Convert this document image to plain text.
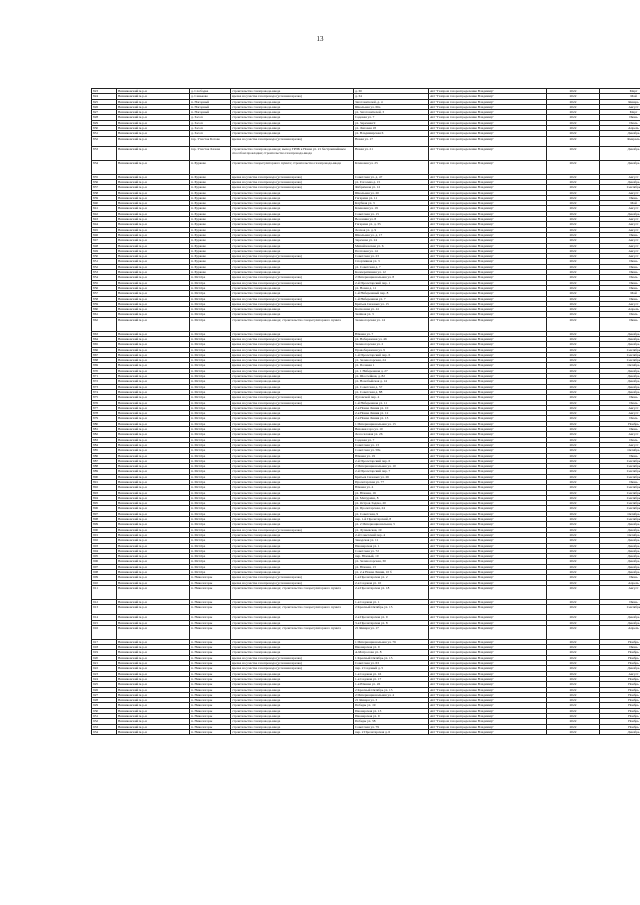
13
823	Вязниковский м.р-н	д. Слободка	строительство газопровода-ввода	д. 30	АО "Газпром газораспределение Владимир"	2022	Март
824	Вязниковский м.р-н	д. Сеньково	врезка на участке газопровода (условная врезка)	д. 34	АО "Газпром газораспределение Владимир"	2022	Май
825	Вязниковский м.р-н	п. Нагорный	строительство газопровода-ввода	Заготовителей, д. 4	АО "Газпром газораспределение Владимир"	2022	Январь
826	Вязниковский м.р-н	п. Нагорный	строительство газопровода-ввода	Школьная ул. 66а	АО "Газпром газораспределение Владимир"	2022	Август
827	Вязниковский м.р-н	п. Нагорный	строительство газопровода-ввода	ул. Заготовителей, 3	АО "Газпром газораспределение Владимир"	2022	Март
828	Вязниковский м.р-н	д. Засоп	строительство газопровода-ввода	Садовая ул. 7	АО "Газпром газораспределение Владимир"	2022	Июнь
829	Вязниковский м.р-н	д. Засоп	строительство газопровода-ввода	ул. Заречная 9	АО "Газпром газораспределение Владимир"	2022	Июль
830	Вязниковский м.р-н	д. Засоп	строительство газопровода-ввода	ул. Лиговая 18	АО "Газпром газораспределение Владимир"	2022	Апрель
831	Вязниковский м.р-н	д. Засоп	строительство газопровода-ввода	ул. Владимирская 6	АО "Газпром газораспределение Владимир"	2022	Декабрь
832	Вязниковский м.р-н	тер. Участок Ботово	врезка на участке газопровода (условная врезка)	Новая ул. 17	АО "Газпром газораспределение Владимир"	2022	Февраль
833	Вязниковский м.р-н	тер. Участок Хазова	строительство газопровода-ввода; выход ГРПБ к Новая ул. 21 бестраншейным способом прокладки; строительство газопровода-ввода	Новая ул. 21	АО "Газпром газораспределение Владимир"	2022	Декабрь
834	Вязниковский м.р-н	п. Бурково	строительство газорегуляторного пункта; строительство газопровода-ввода	Кленовая ул. 25	АО "Газпром газораспределение Владимир"	2022	Декабрь
835	Вязниковский м.р-н	п. Бурково	врезка на участке газопровода (условная врезка)	Советская ул. д. 47	АО "Газпром газораспределение Владимир"	2022	Август
836	Вязниковский м.р-н	п. Бурково	врезка на участке газопровода (условная врезка)	ул. Гоголева д. 15	АО "Газпром газораспределение Владимир"	2022	Декабрь
837	Вязниковский м.р-н	п. Бурково	врезка на участке газопровода (условная врезка)	Фабричная ул. 12	АО "Газпром газораспределение Владимир"	2022	Сентябрь
838	Вязниковский м.р-н	п. Бурково	строительство газопровода-ввода	Школьная ул. 20	АО "Газпром газораспределение Владимир"	2022	Август
839	Вязниковский м.р-н	п. Бурково	строительство газопровода-ввода	Гагарина ул. 11	АО "Газпром газораспределение Владимир"	2022	Июнь
840	Вязниковский м.р-н	п. Бурково	строительство газопровода-ввода	Клубная ул. 3	АО "Газпром газораспределение Владимир"	2022	Май
841	Вязниковский м.р-н	п. Бурково	строительство газопровода-ввода	Кленовая ул. 19	АО "Газпром газораспределение Владимир"	2022	Август
842	Вязниковский м.р-н	п. Бурково	строительство газопровода-ввода	Советская ул. 15	АО "Газпром газораспределение Владимир"	2022	Декабрь
843	Вязниковский м.р-н	п. Бурково	строительство газопровода-ввода	Весенняя ул. 8	АО "Газпром газораспределение Владимир"	2022	Август
844	Вязниковский м.р-н	п. Бурково	строительство газопровода-ввода	Гагарина ул. д. 35	АО "Газпром газораспределение Владимир"	2022	Август
845	Вязниковский м.р-н	п. Бурково	строительство газопровода-ввода	Лесная ул. д. 9	АО "Газпром газораспределение Владимир"	2022	Август
846	Вязниковский м.р-н	п. Бурково	строительство газопровода-ввода	Школьная ул. д. 17	АО "Газпром газораспределение Владимир"	2022	Июнь
847	Вязниковский м.р-н	п. Бурково	строительство газопровода-ввода	Заречная ул. 24	АО "Газпром газораспределение Владимир"	2022	Август
848	Вязниковский м.р-н	п. Бурково	строительство газопровода-ввода	Михайловская ул. 6	АО "Газпром газораспределение Владимир"	2022	Август
849	Вязниковский м.р-н	п. Бурково	строительство газопровода-ввода	Почтовая ул. 14	АО "Газпром газораспределение Владимир"	2022	Август
850	Вязниковский м.р-н	п. Бурково	врезка на участке газопровода (условная врезка)	Советская ул. 23	АО "Газпром газораспределение Владимир"	2022	Август
851	Вязниковский м.р-н	п. Бурково	строительство газопровода-ввода	Спортивная ул. 3	АО "Газпром газораспределение Владимир"	2022	Июнь
852	Вязниковский м.р-н	п. Бурково	строительство газопровода-ввода	ул. Советская д. 7	АО "Газпром газораспределение Владимир"	2022	Июнь
853	Вязниковский м.р-н	п. Бурково	строительство газопровода-ввода	Кооперативная ул. 12	АО "Газпром газораспределение Владимир"	2022	Июнь
854	Вязниковский м.р-н	п. Мстёра	врезка на участке газопровода (условная врезка)	2 Интернациональная ул. 8	АО "Газпром газораспределение Владимир"	2022	Июль
855	Вязниковский м.р-н	п. Мстёра	врезка на участке газопровода (условная врезка)	2-й Пролетарский пер. 1	АО "Газпром газораспределение Владимир"	2022	Июнь
856	Вязниковский м.р-н	п. Мстёра	строительство газопровода-ввода	ул. Новая д. 11	АО "Газпром газораспределение Владимир"	2022	Июнь
857	Вязниковский м.р-н	п. Мстёра	строительство газопровода-ввода	1-й Набережный пер. 8	АО "Газпром газораспределение Владимир"	2022	Май
858	Вязниковский м.р-н	п. Мстёра	врезка на участке газопровода (условная врезка)	1-й Набережная ул. 7	АО "Газпром газораспределение Владимир"	2022	Июнь
859	Вязниковский м.р-н	п. Мстёра	врезка на участке газопровода (условная врезка)	Братьев Сизовых ул. 15	АО "Газпром газораспределение Владимир"	2022	Август
860	Вязниковский м.р-н	п. Мстёра	строительство газопровода-ввода	Колхозная ул. 41	АО "Газпром газораспределение Владимир"	2022	Апрель
861	Вязниковский м.р-н	п. Мстёра	строительство газопровода-ввода	Зелёная ул. 3	АО "Газпром газораспределение Владимир"	2022	Июль
862	Вязниковский м.р-н	п. Мстёра	строительство газопровода-ввода; строительство газорегуляторного пункта	Зеленогорская ул. 14	АО "Газпром газораспределение Владимир"	2022	Июнь
863	Вязниковский м.р-н	п. Мстёра	строительство газопровода-ввода	Южная ул. 7	АО "Газпром газораспределение Владимир"	2022	Декабрь
864	Вязниковский м.р-н	п. Мстёра	врезка на участке газопровода (условная врезка)	ул. Набережная ул. 46	АО "Газпром газораспределение Владимир"	2022	Декабрь
865	Вязниковский м.р-н	п. Мстёра	врезка на участке газопровода (условная врезка)	Зеленогорская ул. 2	АО "Газпром газораспределение Владимир"	2022	Декабрь
866	Вязниковский м.р-н	п. Мстёра	врезка на участке газопровода (условная врезка)	Правобережная ул. 9	АО "Газпром газораспределение Владимир"	2022	Сентябрь
867	Вязниковский м.р-н	п. Мстёра	врезка на участке газопровода (условная врезка)	1-й Пролетарский пер. 6	АО "Газпром газораспределение Владимир"	2022	Сентябрь
868	Вязниковский м.р-н	п. Мстёра	врезка на участке газопровода (условная врезка)	ул. Зеленогорская, 24	АО "Газпром газораспределение Владимир"	2022	Сентябрь
869	Вязниковский м.р-н	п. Мстёра	врезка на участке газопровода (условная врезка)	ул. Полевая 1	АО "Газпром газораспределение Владимир"	2022	Октябрь
870	Вязниковский м.р-н	п. Мстёра	врезка на участке газопровода (условная врезка)	ул. 1 Набережная д. 27	АО "Газпром газораспределение Владимир"	2022	Декабрь
871	Вязниковский м.р-н	п. Мстёра	строительство газопровода-ввода	ул. Шоссейная, д. 82	АО "Газпром газораспределение Владимир"	2022	Декабрь
872	Вязниковский м.р-н	п. Мстёра	строительство газопровода-ввода	ул. Новобыйская д. 14	АО "Газпром газораспределение Владимир"	2022	Декабрь
873	Вязниковский м.р-н	п. Мстёра	строительство газопровода-ввода	ул. Советская д. 57	АО "Газпром газораспределение Владимир"	2022	Декабрь
874	Вязниковский м.р-н	п. Мстёра	строительство газопровода-ввода	ул. Советская д. 88	АО "Газпром газораспределение Владимир"	2022	Декабрь
875	Вязниковский м.р-н	п. Мстёра	врезка на участке газопровода (условная врезка)	Луговской пер. 4	АО "Газпром газораспределение Владимир"	2022	Июнь
876	Вязниковский м.р-н	п. Мстёра	врезка на участке газопровода (условная врезка)	1-й Набережная ул. 11	АО "Газпром газораспределение Владимир"	2022	Июль
877	Вязниковский м.р-н	п. Мстёра	строительство газопровода-ввода	2-я Новая Линия ул. 10	АО "Газпром газораспределение Владимир"	2022	Август
878	Вязниковский м.р-н	п. Мстёра	строительство газопровода-ввода	2-я Новая Линия ул. 12	АО "Газпром газораспределение Владимир"	2022	Август
879	Вязниковский м.р-н	п. Мстёра	строительство газопровода-ввода	2-я Новая Линия ул. 13	АО "Газпром газораспределение Владимир"	2022	Июль
880	Вязниковский м.р-н	п. Мстёра	строительство газопровода-ввода	1 Интернациональная ул. 15	АО "Газпром газораспределение Владимир"	2022	Ноябрь
881	Вязниковский м.р-н	п. Мстёра	строительство газопровода-ввода	Вязовая гора ул. 10	АО "Газпром газораспределение Владимир"	2022	Июнь
882	Вязниковский м.р-н	п. Мстёра	строительство газопровода-ввода	Лесосаловая ул. 26	АО "Газпром газораспределение Владимир"	2022	Август
883	Вязниковский м.р-н	п. Мстёра	строительство газопровода-ввода	Садовая ул. 7	АО "Газпром газораспределение Владимир"	2022	Июль
884	Вязниковский м.р-н	п. Мстёра	строительство газопровода-ввода	Советская ул. 13	АО "Газпром газораспределение Владимир"	2022	Август
885	Вязниковский м.р-н	п. Мстёра	строительство газопровода-ввода	Советская ул. 58а	АО "Газпром газораспределение Владимир"	2022	Октябрь
886	Вязниковский м.р-н	п. Мстёра	строительство газопровода-ввода	Южная ул. 19	АО "Газпром газораспределение Владимир"	2022	Июнь
887	Вязниковский м.р-н	п. Мстёра	строительство газопровода-ввода	2-й Пролетарский пер. 6	АО "Газпром газораспределение Владимир"	2022	Сентябрь
888	Вязниковский м.р-н	п. Мстёра	строительство газопровода-ввода	2 Интернациональная ул. 10	АО "Газпром газораспределение Владимир"	2022	Сентябрь
889	Вязниковский м.р-н	п. Мстёра	строительство газопровода-ввода	2-й Пролетарский пер. 7	АО "Газпром газораспределение Владимир"	2022	Сентябрь
890	Вязниковский м.р-н	п. Мстёра	строительство газопровода-ввода	Братьев Сизовых ул. 26	АО "Газпром газораспределение Владимир"	2022	Сентябрь
891	Вязниковский м.р-н	п. Мстёра	строительство газопровода-ввода	Пролетарская ул. 77	АО "Газпром газораспределение Владимир"	2022	Июнь
892	Вязниковский м.р-н	п. Мстёра	строительство газопровода-ввода	Южная ул. 4	АО "Газпром газораспределение Владимир"	2022	Сентябрь
893	Вязниковский м.р-н	п. Мстёра	строительство газопровода-ввода	ул. Южная, 16	АО "Газпром газораспределение Владимир"	2022	Сентябрь
894	Вязниковский м.р-н	п. Мстёра	строительство газопровода-ввода	ул. Мичурина, 8	АО "Газпром газораспределение Владимир"	2022	Сентябрь
895	Вязниковский м.р-н	п. Мстёра	строительство газопровода-ввода	ул. Остров Задача, 20	АО "Газпром газораспределение Владимир"	2022	Сентябрь
896	Вязниковский м.р-н	п. Мстёра	строительство газопровода-ввода	ул. Пролетарская, 24	АО "Газпром газораспределение Владимир"	2022	Сентябрь
897	Вязниковский м.р-н	п. Мстёра	строительство газопровода-ввода	ул. Советская, 9	АО "Газпром газораспределение Владимир"	2022	Октябрь
898	Вязниковский м.р-н	п. Мстёра	строительство газопровода-ввода	пер. 1-й Пролетарский, 8	АО "Газпром газораспределение Владимир"	2022	Сентябрь
899	Вязниковский м.р-н	п. Мстёра	строительство газопровода-ввода	ул. 2 Интернациональная, 5	АО "Газпром газораспределение Владимир"	2022	Декабрь
900	Вязниковский м.р-н	п. Мстёра	врезка на участке газопровода (условная врезка)	ул. Лупаевская, 19	АО "Газпром газораспределение Владимир"	2022	Декабрь
901	Вязниковский м.р-н	п. Мстёра	строительство газопровода-ввода	2-й Советский пер. 4	АО "Газпром газораспределение Владимир"	2022	Октябрь
902	Вязниковский м.р-н	п. Мстёра	строительство газопровода-ввода	Заводская ул. 11	АО "Газпром газораспределение Владимир"	2022	Декабрь
903	Вязниковский м.р-н	п. Мстёра	строительство газопровода-ввода	Пионерская ул. 1	АО "Газпром газораспределение Владимир"	2022	Декабрь
904	Вязниковский м.р-н	п. Мстёра	строительство газопровода-ввода	Советская ул. 72	АО "Газпром газораспределение Владимир"	2022	Декабрь
905	Вязниковский м.р-н	п. Мстёра	строительство газопровода-ввода	пер. Южный, 10	АО "Газпром газораспределение Владимир"	2022	Декабрь
906	Вязниковский м.р-н	п. Мстёра	строительство газопровода-ввода	ул. Зеленогорская, 30	АО "Газпром газораспределение Владимир"	2022	Декабрь
907	Вязниковский м.р-н	п. Мстёра	строительство газопровода-ввода	ул. Южная, 13	АО "Газпром газораспределение Владимир"	2022	Декабрь
908	Вязниковский м.р-н	п. Мстёра	строительство газопровода-ввода	ул. 2-я Новая Линия, 10 б	АО "Газпром газораспределение Владимир"	2022	Декабрь
909	Вязниковский м.р-н	п. Никологоры	врезка на участке газопровода (условная врезка)	1-я Пролетарская ул. 2	АО "Газпром газораспределение Владимир"	2022	Июнь
910	Вязниковский м.р-н	п. Никологоры	врезка на участке газопровода (условная врезка)	2-я Садовая ул. 10	АО "Газпром газораспределение Владимир"	2022	Апрель
911	Вязниковский м.р-н	п. Никологоры	строительство газопровода-ввода; строительство газорегуляторного пункта	2-я Пролетарская ул. 18	АО "Газпром газораспределение Владимир"	2022	Август
912	Вязниковский м.р-н	п. Никологоры	строительство газопровода-ввода	1-я Садовая ул. 1	АО "Газпром газораспределение Владимир"	2022	Июнь
913	Вязниковский м.р-н	п. Никологоры	строительство газопровода-ввода; строительство газорегуляторного пункта	2 Красный Октябрь ул. 15	АО "Газпром газораспределение Владимир"	2022	Сентябрь
914	Вязниковский м.р-н	п. Никологоры	строительство газопровода-ввода	2-я Пролетарская ул. 9	АО "Газпром газораспределение Владимир"	2022	Декабрь
915	Вязниковский м.р-н	п. Никологоры	строительство газопровода-ввода	3-я Пролетарская ул. 8	АО "Газпром газораспределение Владимир"	2022	Декабрь
916	Вязниковский м.р-н	п. Никологоры	строительство газопровода-ввода; строительство газорегуляторного пункта	21 Января ул. 17	АО "Газпром газораспределение Владимир"	2022	Апрель
917	Вязниковский м.р-н	п. Никологоры	строительство газопровода-ввода	1 Интернациональная ул. 76	АО "Газпром газораспределение Владимир"	2022	Ноябрь
918	Вязниковский м.р-н	п. Никологоры	строительство газопровода-ввода	Пионерская ул. 9	АО "Газпром газораспределение Владимир"	2022	Июнь
919	Вязниковский м.р-н	п. Никологоры	строительство газопровода-ввода	А.Матросова ул. 8	АО "Газпром газораспределение Владимир"	2022	Ноябрь
920	Вязниковский м.р-н	п. Никологоры	врезка на участке газопровода (условная врезка)	1 Красный Октябрь ул. 15	АО "Газпром газораспределение Владимир"	2022	Ноябрь
921	Вязниковский м.р-н	п. Никологоры	врезка на участке газопровода (условная врезка)	Советская ул. 63	АО "Газпром газораспределение Владимир"	2022	Ноябрь
922	Вязниковский м.р-н	п. Никологоры	врезка на участке газопровода (условная врезка)	пер. 2 Садовый д. 5	АО "Газпром газораспределение Владимир"	2022	Декабрь
923	Вязниковский м.р-н	п. Никологоры	строительство газопровода-ввода	1-я Садовая ул. 16	АО "Газпром газораспределение Владимир"	2022	Август
924	Вязниковский м.р-н	п. Никологоры	строительство газопровода-ввода	1-я Садовая ул. 17	АО "Газпром газораспределение Владимир"	2022	Ноябрь
925	Вязниковский м.р-н	п. Никологоры	строительство газопровода-ввода	1-я Южная ул. 26	АО "Газпром газораспределение Владимир"	2022	Ноябрь
926	Вязниковский м.р-н	п. Никологоры	строительство газопровода-ввода	2 Красный Октябрь ул. 15	АО "Газпром газораспределение Владимир"	2022	Ноябрь
927	Вязниковский м.р-н	п. Никологоры	строительство газопровода-ввода	2 Интернациональная ул. 4	АО "Газпром газораспределение Владимир"	2022	Ноябрь
928	Вязниковский м.р-н	п. Никологоры	строительство газопровода-ввода	21 Января ул. 3	АО "Газпром газораспределение Владимир"	2022	Ноябрь
929	Вязниковский м.р-н	п. Никологоры	строительство газопровода-ввода	Победы ул. 19	АО "Газпром газораспределение Владимир"	2022	Ноябрь
930	Вязниковский м.р-н	п. Никологоры	строительство газопровода-ввода	Пионерская ул. 13	АО "Газпром газораспределение Владимир"	2022	Ноябрь
931	Вязниковский м.р-н	п. Никологоры	строительство газопровода-ввода	Пионерская ул. 9	АО "Газпром газораспределение Владимир"	2022	Ноябрь
932	Вязниковский м.р-н	п. Никологоры	строительство газопровода-ввода	Победы ул. 58	АО "Газпром газораспределение Владимир"	2022	Ноябрь
933	Вязниковский м.р-н	п. Никологоры	строительство газопровода-ввода	Советская ул. 79	АО "Газпром газораспределение Владимир"	2022	Ноябрь
934	Вязниковский м.р-н	п. Никологоры	строительство газопровода-ввода	пер. 2 Пролетарская д. 6	АО "Газпром газораспределение Владимир"	2022	Декабрь
